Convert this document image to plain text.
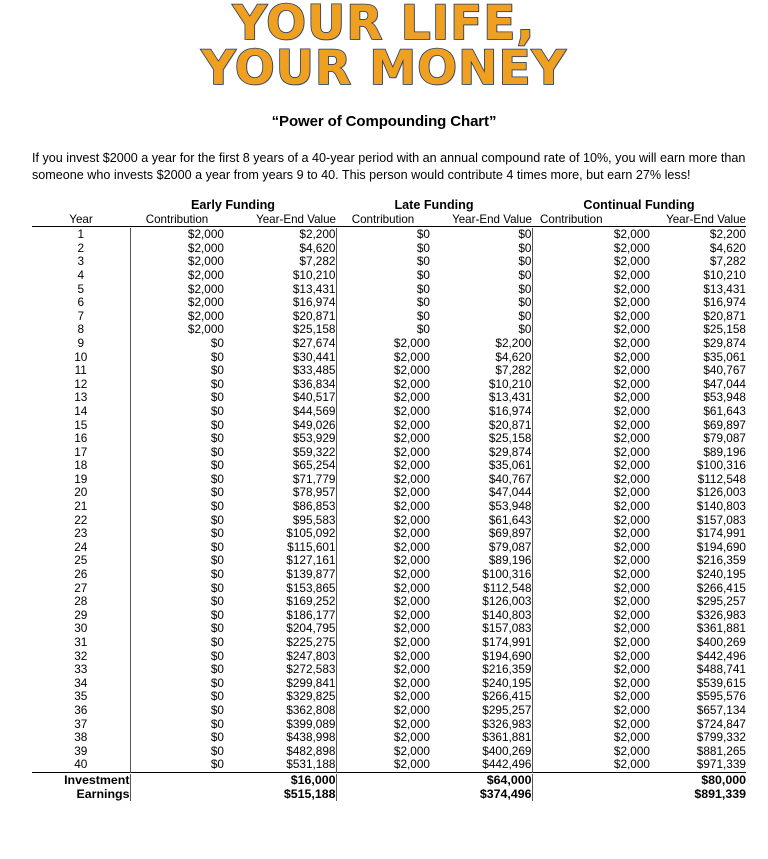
YOUR LIFE,
YOUR MONEY
“Power of Compounding Chart”
If you invest $2000 a year for the first 8 years of a 40-year period with an annual compound rate of 10%, you will earn more than someone who invests $2000 a year from years 9 to 40. This person would contribute 4 times more, but earn 27% less!
	Early Funding		Late Funding		Continual Funding	
Year	Contribution	Year-End Value	Contribution	Year-End Value	Contribution	Year-End Value

1	$2,000	$2,200	$0	$0	$2,000	$2,200
2	$2,000	$4,620	$0	$0	$2,000	$4,620
3	$2,000	$7,282	$0	$0	$2,000	$7,282
4	$2,000	$10,210	$0	$0	$2,000	$10,210
5	$2,000	$13,431	$0	$0	$2,000	$13,431
6	$2,000	$16,974	$0	$0	$2,000	$16,974
7	$2,000	$20,871	$0	$0	$2,000	$20,871
8	$2,000	$25,158	$0	$0	$2,000	$25,158
9	$0	$27,674	$2,000	$2,200	$2,000	$29,874
10	$0	$30,441	$2,000	$4,620	$2,000	$35,061
11	$0	$33,485	$2,000	$7,282	$2,000	$40,767
12	$0	$36,834	$2,000	$10,210	$2,000	$47,044
13	$0	$40,517	$2,000	$13,431	$2,000	$53,948
14	$0	$44,569	$2,000	$16,974	$2,000	$61,643
15	$0	$49,026	$2,000	$20,871	$2,000	$69,897
16	$0	$53,929	$2,000	$25,158	$2,000	$79,087
17	$0	$59,322	$2,000	$29,874	$2,000	$89,196
18	$0	$65,254	$2,000	$35,061	$2,000	$100,316
19	$0	$71,779	$2,000	$40,767	$2,000	$112,548
20	$0	$78,957	$2,000	$47,044	$2,000	$126,003
21	$0	$86,853	$2,000	$53,948	$2,000	$140,803
22	$0	$95,583	$2,000	$61,643	$2,000	$157,083
23	$0	$105,092	$2,000	$69,897	$2,000	$174,991
24	$0	$115,601	$2,000	$79,087	$2,000	$194,690
25	$0	$127,161	$2,000	$89,196	$2,000	$216,359
26	$0	$139,877	$2,000	$100,316	$2,000	$240,195
27	$0	$153,865	$2,000	$112,548	$2,000	$266,415
28	$0	$169,252	$2,000	$126,003	$2,000	$295,257
29	$0	$186,177	$2,000	$140,803	$2,000	$326,983
30	$0	$204,795	$2,000	$157,083	$2,000	$361,881
31	$0	$225,275	$2,000	$174,991	$2,000	$400,269
32	$0	$247,803	$2,000	$194,690	$2,000	$442,496
33	$0	$272,583	$2,000	$216,359	$2,000	$488,741
34	$0	$299,841	$2,000	$240,195	$2,000	$539,615
35	$0	$329,825	$2,000	$266,415	$2,000	$595,576
36	$0	$362,808	$2,000	$295,257	$2,000	$657,134
37	$0	$399,089	$2,000	$326,983	$2,000	$724,847
38	$0	$438,998	$2,000	$361,881	$2,000	$799,332
39	$0	$482,898	$2,000	$400,269	$2,000	$881,265
40	$0	$531,188	$2,000	$442,496	$2,000	$971,339

Investment		$16,000		$64,000		$80,000
Earnings		$515,188		$374,496		$891,339
